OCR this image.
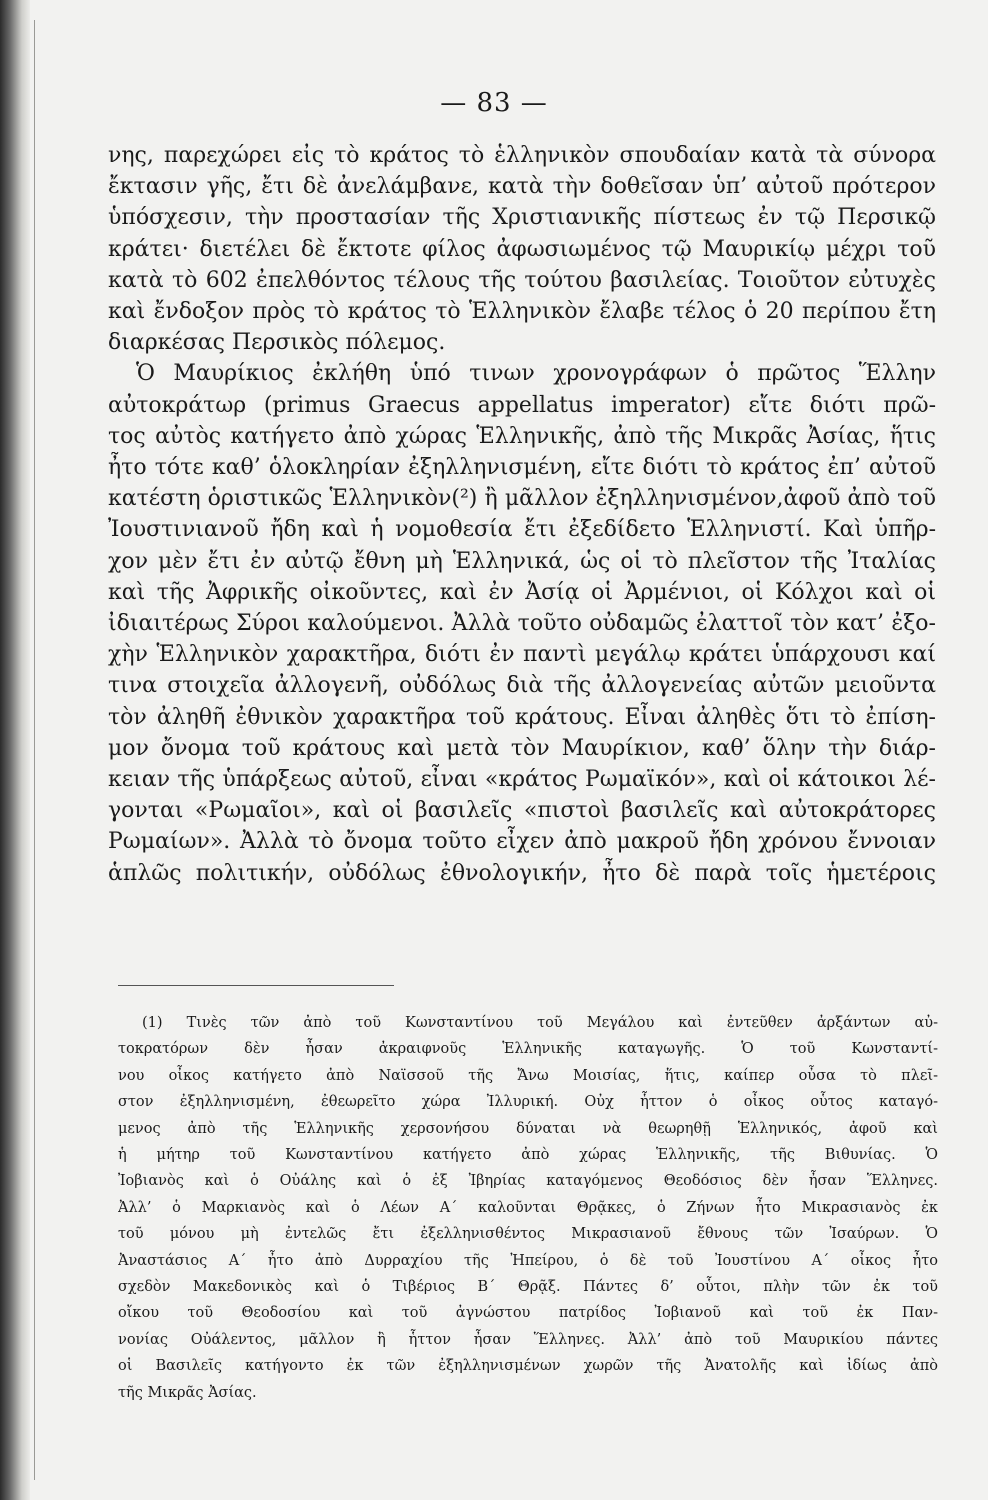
— 83 —
νης, παρεχώρει εἰς τὸ κράτος τὸ ἑλληνικὸν σπουδαίαν κατὰ τὰ σύνορα
ἔκτασιν γῆς, ἔτι δὲ ἀνελάμβανε, κατὰ τὴν δοθεῖσαν ὑπ’ αὐτοῦ πρότερον
ὑπόσχεσιν, τὴν προστασίαν τῆς Χριστιανικῆς πίστεως ἐν τῷ Περσικῷ
κράτει· διετέλει δὲ ἔκτοτε φίλος ἀφωσιωμένος τῷ Μαυρικίῳ μέχρι τοῦ
κατὰ τὸ 602 ἐπελθόντος τέλους τῆς τούτου βασιλείας. Τοιοῦτον εὐτυχὲς
καὶ ἔνδοξον πρὸς τὸ κράτος τὸ Ἑλληνικὸν ἔλαβε τέλος ὁ 20 περίπου ἔτη
διαρκέσας Περσικὸς πόλεμος.
Ὁ Μαυρίκιος ἐκλήθη ὑπό τινων χρονογράφων ὁ πρῶτος Ἕλλην
αὐτοκράτωρ (primus Graecus appellatus imperator) εἴτε διότι πρῶ-
τος αὐτὸς κατήγετο ἀπὸ χώρας Ἑλληνικῆς, ἀπὸ τῆς Μικρᾶς Ἀσίας, ἥτις
ἦτο τότε καθ’ ὁλοκληρίαν ἐξηλληνισμένη, εἴτε διότι τὸ κράτος ἐπ’ αὐτοῦ
κατέστη ὁριστικῶς Ἑλληνικὸν(²) ἢ μᾶλλον ἐξηλληνισμένον,ἀφοῦ ἀπὸ τοῦ
Ἰουστινιανοῦ ἤδη καὶ ἡ νομοθεσία ἔτι ἐξεδίδετο Ἑλληνιστί. Καὶ ὑπῆρ-
χον μὲν ἔτι ἐν αὐτῷ ἔθνη μὴ Ἑλληνικά, ὡς οἱ τὸ πλεῖστον τῆς Ἰταλίας
καὶ τῆς Ἀφρικῆς οἰκοῦντες, καὶ ἐν Ἀσίᾳ οἱ Ἀρμένιοι, οἱ Κόλχοι καὶ οἱ
ἰδιαιτέρως Σύροι καλούμενοι. Ἀλλὰ τοῦτο οὐδαμῶς ἐλαττοῖ τὸν κατ’ ἐξο-
χὴν Ἑλληνικὸν χαρακτῆρα, διότι ἐν παντὶ μεγάλῳ κράτει ὑπάρχουσι καί
τινα στοιχεῖα ἀλλογενῆ, οὐδόλως διὰ τῆς ἀλλογενείας αὐτῶν μειοῦντα
τὸν ἀληθῆ ἐθνικὸν χαρακτῆρα τοῦ κράτους. Εἶναι ἀληθὲς ὅτι τὸ ἐπίση-
μον ὄνομα τοῦ κράτους καὶ μετὰ τὸν Μαυρίκιον, καθ’ ὅλην τὴν διάρ-
κειαν τῆς ὑπάρξεως αὐτοῦ, εἶναι «κράτος Ρωμαϊκόν», καὶ οἱ κάτοικοι λέ-
γονται «Ρωμαῖοι», καὶ οἱ βασιλεῖς «πιστοὶ βασιλεῖς καὶ αὐτοκράτορες
Ρωμαίων». Ἀλλὰ τὸ ὄνομα τοῦτο εἶχεν ἀπὸ μακροῦ ἤδη χρόνου ἔννοιαν
ἁπλῶς πολιτικήν, οὐδόλως ἐθνολογικήν, ἦτο δὲ παρὰ τοῖς ἡμετέροις
(1) Τινὲς τῶν ἀπὸ τοῦ Κωνσταντίνου τοῦ Μεγάλου καὶ ἐντεῦθεν ἀρξάντων αὐ-
τοκρατόρων δὲν ἦσαν ἀκραιφνοῦς Ἑλληνικῆς καταγωγῆς. Ὁ τοῦ Κωνσταντί-
νου οἶκος κατήγετο ἀπὸ Ναϊσσοῦ τῆς Ἄνω Μοισίας, ἥτις, καίπερ οὖσα τὸ πλεῖ-
στον ἐξηλληνισμένη, ἐθεωρεῖτο χώρα Ἰλλυρική. Οὐχ ἧττον ὁ οἶκος οὗτος καταγό-
μενος ἀπὸ τῆς Ἑλληνικῆς χερσονήσου δύναται νὰ θεωρηθῇ Ἑλληνικός, ἀφοῦ καὶ
ἡ μήτηρ τοῦ Κωνσταντίνου κατήγετο ἀπὸ χώρας Ἑλληνικῆς, τῆς Βιθυνίας. Ὁ
Ἰοβιανὸς καὶ ὁ Οὐάλης καὶ ὁ ἐξ Ἰβηρίας καταγόμενος Θεοδόσιος δὲν ἦσαν Ἕλληνες.
Ἀλλ’ ὁ Μαρκιανὸς καὶ ὁ Λέων Α΄ καλοῦνται Θρᾷκες, ὁ Ζήνων ἦτο Μικρασιανὸς ἐκ
τοῦ μόνου μὴ ἐντελῶς ἔτι ἐξελληνισθέντος Μικρασιανοῦ ἔθνους τῶν Ἰσαύρων. Ὁ
Ἀναστάσιος Α΄ ἦτο ἀπὸ Δυρραχίου τῆς Ἠπείρου, ὁ δὲ τοῦ Ἰουστίνου Α΄ οἶκος ἦτο
σχεδὸν Μακεδονικὸς καὶ ὁ Τιβέριος Β΄ Θρᾷξ. Πάντες δ’ οὗτοι, πλὴν τῶν ἐκ τοῦ
οἴκου τοῦ Θεοδοσίου καὶ τοῦ ἀγνώστου πατρίδος Ἰοβιανοῦ καὶ τοῦ ἐκ Παν-
νονίας Οὐάλεντος, μᾶλλον ἢ ἧττον ἦσαν Ἕλληνες. Ἀλλ’ ἀπὸ τοῦ Μαυρικίου πάντες
οἱ Βασιλεῖς κατήγοντο ἐκ τῶν ἐξηλληνισμένων χωρῶν τῆς Ἀνατολῆς καὶ ἰδίως ἀπὸ
τῆς Μικρᾶς Ἀσίας.
